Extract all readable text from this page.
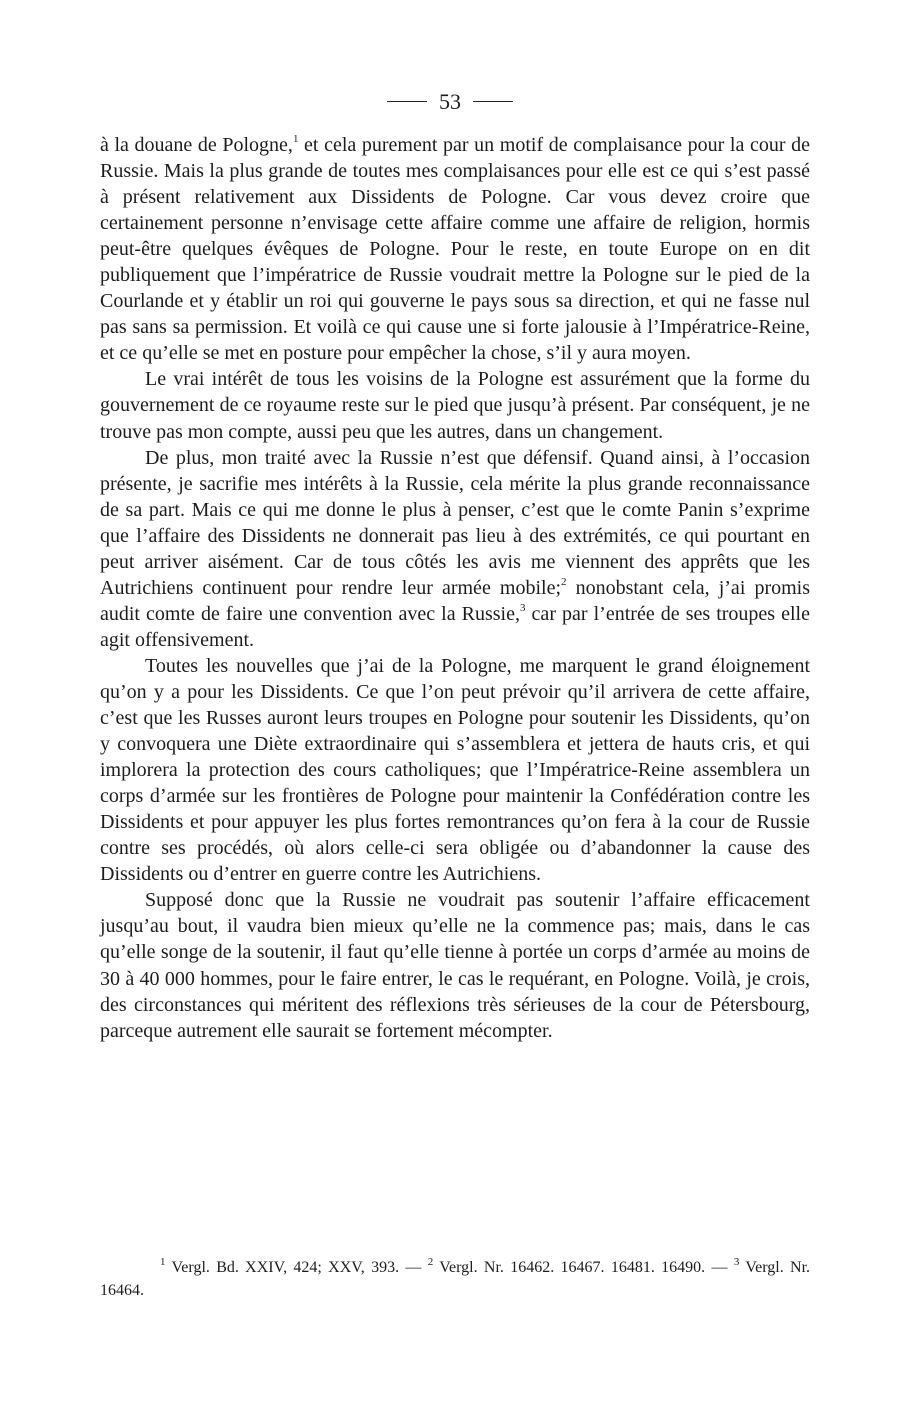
53

à la douane de Pologne,$^1$ et cela purement par un motif de complaisance pour la cour de Russie. Mais la plus grande de toutes mes complaisances pour elle est ce qui s’est passé à présent relativement aux Dissidents de Pologne. Car vous devez croire que certainement personne n’envisage cette affaire comme une affaire de religion, hormis peut-être quelques évêques de Pologne. Pour le reste, en toute Europe on en dit publiquement que l’impératrice de Russie voudrait mettre la Pologne sur le pied de la Courlande et y établir un roi qui gouverne le pays sous sa direction, et qui ne fasse nul pas sans sa permission. Et voilà ce qui cause une si forte jalousie à l’Impératrice-Reine, et ce qu’elle se met en posture pour empêcher la chose, s’il y aura moyen.

Le vrai intérêt de tous les voisins de la Pologne est assurément que la forme du gouvernement de ce royaume reste sur le pied que jusqu’à présent. Par conséquent, je ne trouve pas mon compte, aussi peu que les autres, dans un changement.

De plus, mon traité avec la Russie n’est que défensif. Quand ainsi, à l’occasion présente, je sacrifie mes intérêts à la Russie, cela mérite la plus grande reconnaissance de sa part. Mais ce qui me donne le plus à penser, c’est que le comte Panin s’exprime que l’affaire des Dissidents ne donnerait pas lieu à des extrémités, ce qui pourtant en peut arriver aisément. Car de tous côtés les avis me viennent des apprêts que les Autrichiens continuent pour rendre leur armée mobile;$^2$ nonobstant cela, j’ai promis audit comte de faire une convention avec la Russie,$^3$ car par l’entrée de ses troupes elle agit offensivement.

Toutes les nouvelles que j’ai de la Pologne, me marquent le grand éloignement qu’on y a pour les Dissidents. Ce que l’on peut prévoir qu’il arrivera de cette affaire, c’est que les Russes auront leurs troupes en Pologne pour soutenir les Dissidents, qu’on y convoquera une Diète extraordinaire qui s’assemblera et jettera de hauts cris, et qui implorera la protection des cours catholiques; que l’Impératrice-Reine assemblera un corps d’armée sur les frontières de Pologne pour maintenir la Confédération contre les Dissidents et pour appuyer les plus fortes remontrances qu’on fera à la cour de Russie contre ses procédés, où alors celle-ci sera obligée ou d’abandonner la cause des Dissidents ou d’entrer en guerre contre les Autrichiens.

Supposé donc que la Russie ne voudrait pas soutenir l’affaire efficacement jusqu’au bout, il vaudra bien mieux qu’elle ne la commence pas; mais, dans le cas qu’elle songe de la soutenir, il faut qu’elle tienne à portée un corps d’armée au moins de 30 à 40 000 hommes, pour le faire entrer, le cas le requérant, en Pologne. Voilà, je crois, des circonstances qui méritent des réflexions très sérieuses de la cour de Pétersbourg, parceque autrement elle saurait se fortement mécompter.

$^1$ Vergl. Bd. XXIV, 424; XXV, 393. — $^2$ Vergl. Nr. 16462. 16467. 16481. 16490. — $^3$ Vergl. Nr. 16464.
